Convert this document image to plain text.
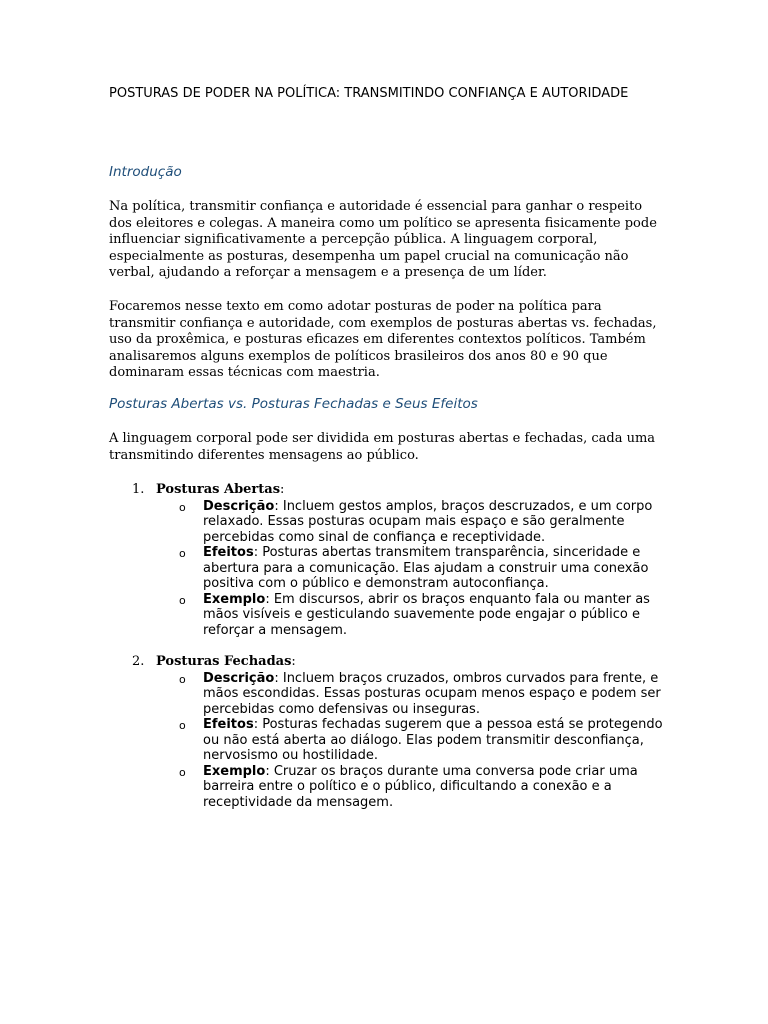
POSTURAS DE PODER NA POLÍTICA: TRANSMITINDO CONFIANÇA E AUTORIDADE
Introdução

Na política, transmitir confiança e autoridade é essencial para ganhar o respeito dos eleitores e colegas. A maneira como um político se apresenta fisicamente pode influenciar significativamente a percepção pública. A linguagem corporal, especialmente as posturas, desempenha um papel crucial na comunicação não verbal, ajudando a reforçar a mensagem e a presença de um líder.

Focaremos nesse texto em como adotar posturas de poder na política para transmitir confiança e autoridade, com exemplos de posturas abertas vs. fechadas, uso da proxêmica, e posturas eficazes em diferentes contextos políticos. Também analisaremos alguns exemplos de políticos brasileiros dos anos 80 e 90 que dominaram essas técnicas com maestria.

Posturas Abertas vs. Posturas Fechadas e Seus Efeitos

A linguagem corporal pode ser dividida em posturas abertas e fechadas, cada uma transmitindo diferentes mensagens ao público.

1. Posturas Abertas:
o Descrição: Incluem gestos amplos, braços descruzados, e um corpo relaxado. Essas posturas ocupam mais espaço e são geralmente percebidas como sinal de confiança e receptividade.
o Efeitos: Posturas abertas transmitem transparência, sinceridade e abertura para a comunicação. Elas ajudam a construir uma conexão positiva com o público e demonstram autoconfiança.
o Exemplo: Em discursos, abrir os braços enquanto fala ou manter as mãos visíveis e gesticulando suavemente pode engajar o público e reforçar a mensagem.
2. Posturas Fechadas:
o Descrição: Incluem braços cruzados, ombros curvados para frente, e mãos escondidas. Essas posturas ocupam menos espaço e podem ser percebidas como defensivas ou inseguras.
o Efeitos: Posturas fechadas sugerem que a pessoa está se protegendo ou não está aberta ao diálogo. Elas podem transmitir desconfiança, nervosismo ou hostilidade.
o Exemplo: Cruzar os braços durante uma conversa pode criar uma barreira entre o político e o público, dificultando a conexão e a receptividade da mensagem.
